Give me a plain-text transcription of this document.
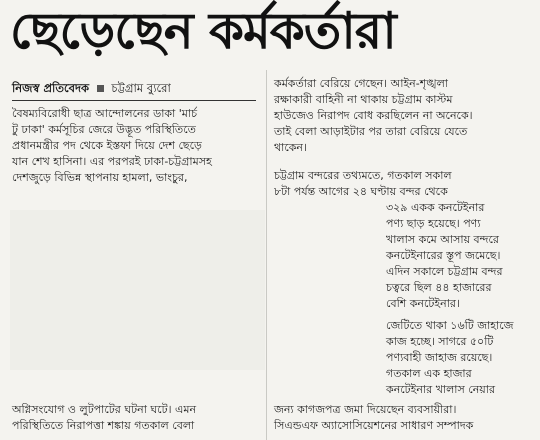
ছেড়েছেন কর্মকর্তারা
নিজস্ব প্রতিবেদক চট্টগ্রাম ব্যুরো
বৈষম্যবিরোধী ছাত্র আন্দোলনের ডাকা 'মার্চ
টু ঢাকা' কর্মসূচির জেরে উদ্ভূত পরিস্থিতিতে
প্রধানমন্ত্রীর পদ থেকে ইস্তফা দিয়ে দেশ ছেড়ে
যান শেখ হাসিনা। এর পরপরই ঢাকা-চট্টগ্রামসহ
দেশজুড়ে বিভিন্ন স্থাপনায় হামলা, ভাংচুর,
অগ্নিসংযোগ ও লুটপাটের ঘটনা ঘটে। এমন
পরিস্থিতিতে নিরাপত্তা শঙ্কায় গতকাল বেলা
কর্মকর্তারা বেরিয়ে গেছেন। আইন-শৃঙ্খলা
রক্ষাকারী বাহিনী না থাকায় চট্টগ্রাম কাস্টম
হাউজেও নিরাপদ বোধ করছিলেন না অনেকে।
তাই বেলা আড়াইটার পর তারা বেরিয়ে যেতে
থাকেন।
চট্টগ্রাম বন্দরের তথ্যমতে, গতকাল সকাল
৮টা পর্যন্ত আগের ২৪ ঘণ্টায় বন্দর থেকে
৩২৯ একক কনটেইনার
পণ্য ছাড় হয়েছে। পণ্য
খালাস কমে আসায় বন্দরে
কনটেইনারের স্তূপ জমেছে।
এদিন সকালে চট্টগ্রাম বন্দর
চত্বরে ছিল ৪৪ হাজারের
বেশি কনটেইনার।
জেটিতে থাকা ১৬টি জাহাজে
কাজ হচ্ছে। সাগরে ৫০টি
পণ্যবাহী জাহাজ রয়েছে।
গতকাল এক হাজার
কনটেইনার খালাস নেয়ার
জন্য কাগজপত্র জমা দিয়েছেন ব্যবসায়ীরা।
সিএন্ডএফ অ্যাসোসিয়েশনের সাধারণ সম্পাদক
